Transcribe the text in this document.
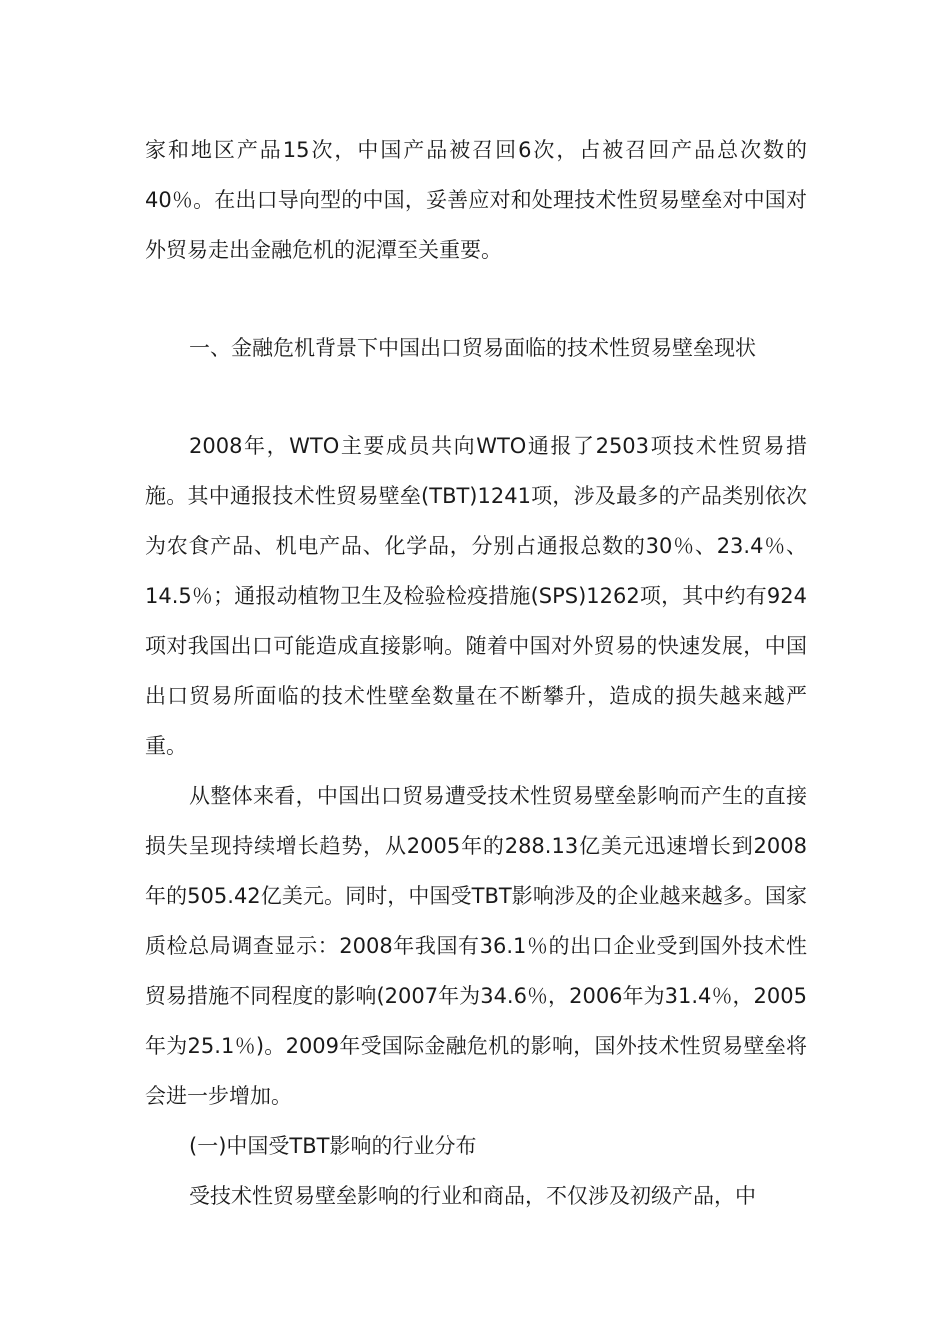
家和地区产品15次，中国产品被召回6次，占被召回产品总次数的40％。在出口导向型的中国，妥善应对和处理技术性贸易壁垒对中国对外贸易走出金融危机的泥潭至关重要。

一、金融危机背景下中国出口贸易面临的技术性贸易壁垒现状

2008年，WTO主要成员共向WTO通报了2503项技术性贸易措施。其中通报技术性贸易壁垒(TBT)1241项，涉及最多的产品类别依次为农食产品、机电产品、化学品，分别占通报总数的30％、23.4％、14.5％；通报动植物卫生及检验检疫措施(SPS)1262项，其中约有924项对我国出口可能造成直接影响。随着中国对外贸易的快速发展，中国出口贸易所面临的技术性壁垒数量在不断攀升，造成的损失越来越严重。

从整体来看，中国出口贸易遭受技术性贸易壁垒影响而产生的直接损失呈现持续增长趋势，从2005年的288.13亿美元迅速增长到2008年的505.42亿美元。同时，中国受TBT影响涉及的企业越来越多。国家质检总局调查显示：2008年我国有36.1％的出口企业受到国外技术性贸易措施不同程度的影响(2007年为34.6％，2006年为31.4％，2005年为25.1％)。2009年受国际金融危机的影响，国外技术性贸易壁垒将会进一步增加。

(一)中国受TBT影响的行业分布

受技术性贸易壁垒影响的行业和商品，不仅涉及初级产品，中
